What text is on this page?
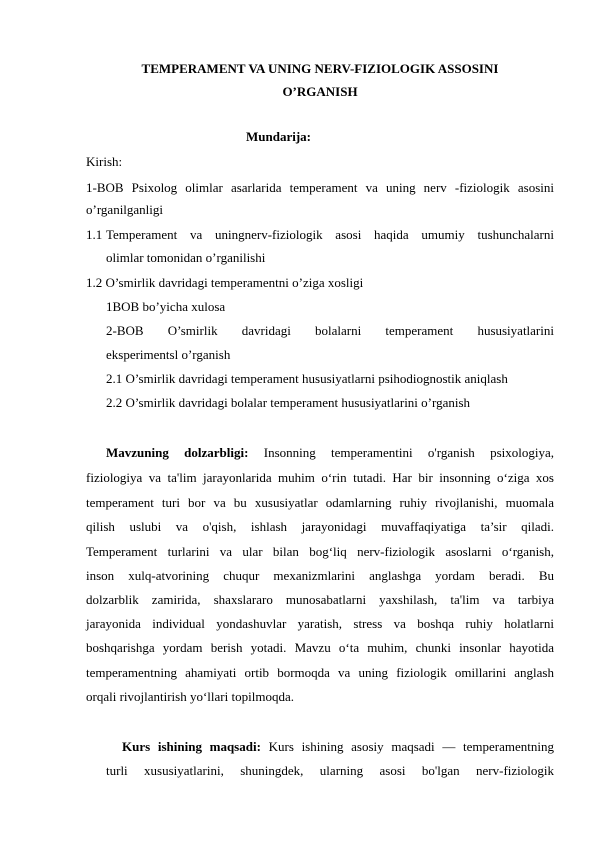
TEMPERAMENT VA UNING NERV-FIZIOLOGIK ASSOSINI
O’RGANISH
Mundarija:
Kirish:
1-BOB Psixolog olimlar asarlarida temperament va uning nerv -fiziologik asosini
o’rganilganligi
1.1 Temperament va uningnerv-fiziologik asosi haqida umumiy tushunchalarni
olimlar tomonidan o’rganilishi
1.2 O’smirlik davridagi temperamentni o’ziga xosligi
1BOB bo’yicha xulosa
2-BOB O’smirlik davridagi bolalarni temperament hususiyatlarini
eksperimentsl o’rganish
2.1 O’smirlik davridagi temperament hususiyatlarni psihodiognostik aniqlash
2.2 O’smirlik davridagi bolalar temperament hususiyatlarini o’rganish
Mavzuning dolzarbligi: Insonning temperamentini o'rganish psixologiya,
fiziologiya va ta'lim jarayonlarida muhim o‘rin tutadi. Har bir insonning o‘ziga xos
temperament turi bor va bu xususiyatlar odamlarning ruhiy rivojlanishi, muomala
qilish uslubi va o'qish, ishlash jarayonidagi muvaffaqiyatiga ta’sir qiladi.
Temperament turlarini va ular bilan bog‘liq nerv-fiziologik asoslarni o‘rganish,
inson xulq-atvorining chuqur mexanizmlarini anglashga yordam beradi. Bu
dolzarblik zamirida, shaxslararo munosabatlarni yaxshilash, ta'lim va tarbiya
jarayonida individual yondashuvlar yaratish, stress va boshqa ruhiy holatlarni
boshqarishga yordam berish yotadi. Mavzu o‘ta muhim, chunki insonlar hayotida
temperamentning ahamiyati ortib bormoqda va uning fiziologik omillarini anglash
orqali rivojlantirish yo‘llari topilmoqda.
Kurs ishining maqsadi: Kurs ishining asosiy maqsadi — temperamentning
turli xususiyatlarini, shuningdek, ularning asosi bo'lgan nerv-fiziologik
